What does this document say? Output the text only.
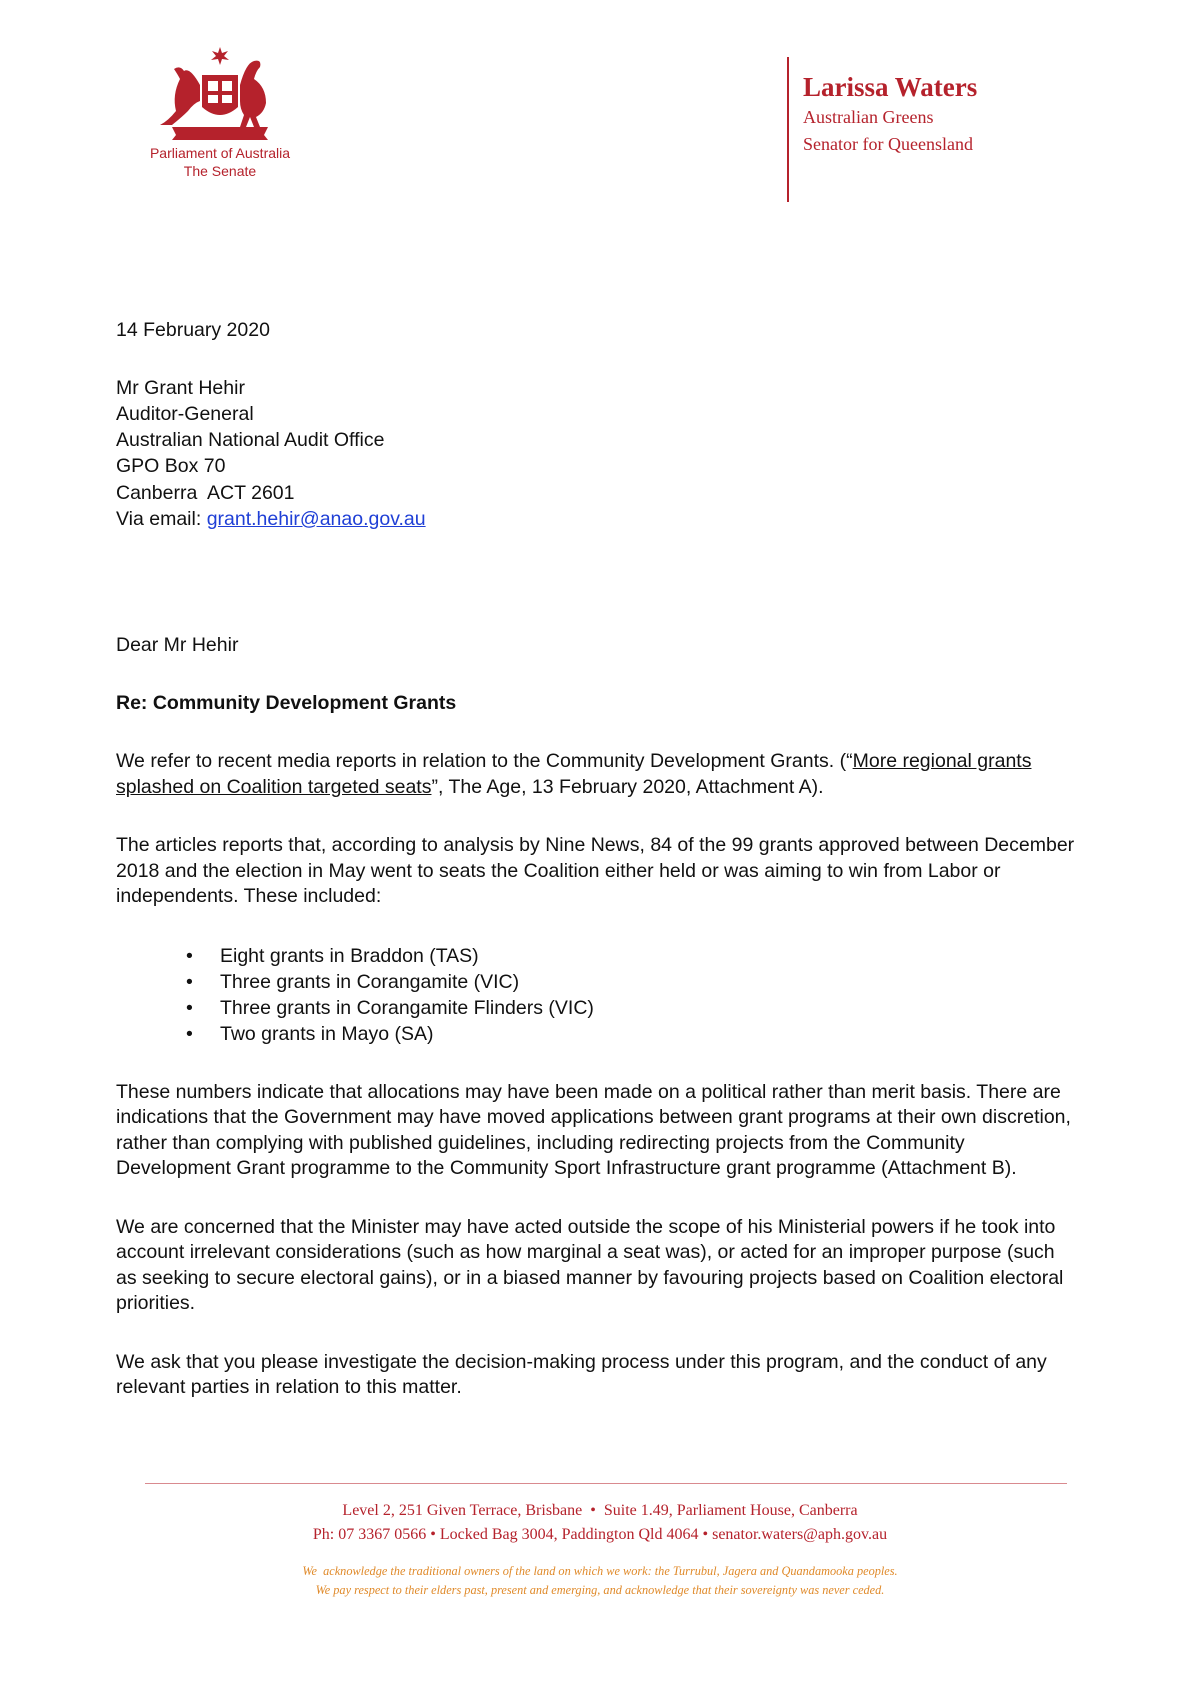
Parliament of Australia
The Senate
Larissa Waters
Australian Greens
Senator for Queensland

14 February 2020

Mr Grant Hehir
Auditor-General
Australian National Audit Office
GPO Box 70
Canberra  ACT 2601
Via email: grant.hehir@anao.gov.au

Dear Mr Hehir

Re: Community Development Grants

We refer to recent media reports in relation to the Community Development Grants. (“More regional grants splashed on Coalition targeted seats”, The Age, 13 February 2020, Attachment A).

The articles reports that, according to analysis by Nine News, 84 of the 99 grants approved between December 2018 and the election in May went to seats the Coalition either held or was aiming to win from Labor or independents. These included:

• Eight grants in Braddon (TAS)
• Three grants in Corangamite (VIC)
• Three grants in Corangamite Flinders (VIC)
• Two grants in Mayo (SA)

These numbers indicate that allocations may have been made on a political rather than merit basis. There are indications that the Government may have moved applications between grant programs at their own discretion, rather than complying with published guidelines, including redirecting projects from the Community Development Grant programme to the Community Sport Infrastructure grant programme (Attachment B).

We are concerned that the Minister may have acted outside the scope of his Ministerial powers if he took into account irrelevant considerations (such as how marginal a seat was), or acted for an improper purpose (such as seeking to secure electoral gains), or in a biased manner by favouring projects based on Coalition electoral priorities.

We ask that you please investigate the decision-making process under this program, and the conduct of any relevant parties in relation to this matter.

Level 2, 251 Given Terrace, Brisbane  •  Suite 1.49, Parliament House, Canberra
Ph: 07 3367 0566 • Locked Bag 3004, Paddington Qld 4064 • senator.waters@aph.gov.au
We  acknowledge the traditional owners of the land on which we work: the Turrubul, Jagera and Quandamooka peoples.
We pay respect to their elders past, present and emerging, and acknowledge that their sovereignty was never ceded.
